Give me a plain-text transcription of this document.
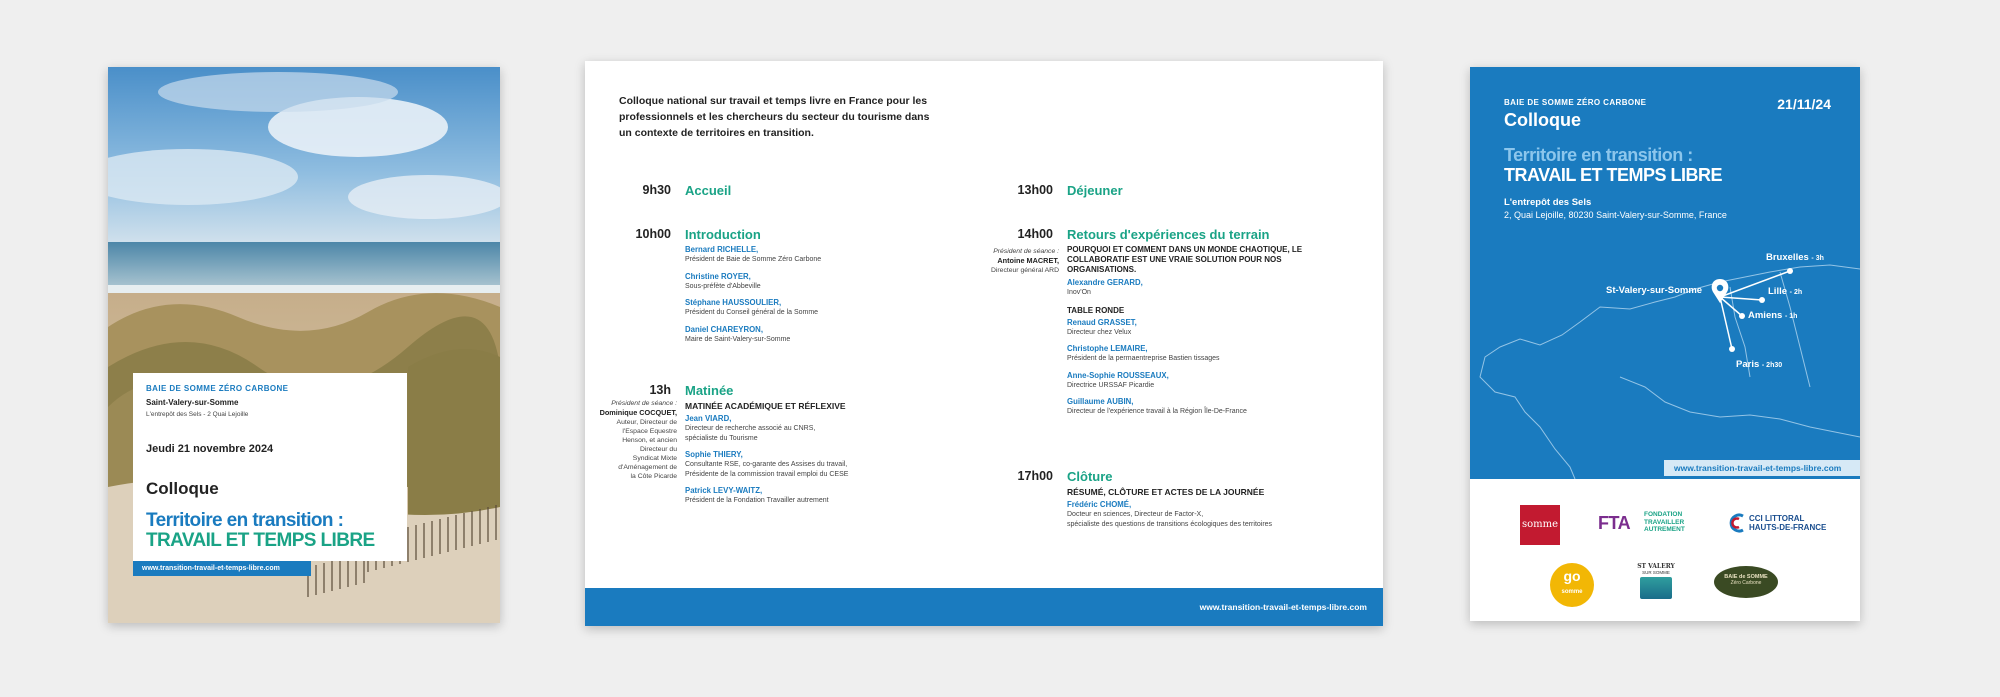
BAIE DE SOMME ZÉRO CARBONE
Saint-Valery-sur-Somme
L'entrepôt des Sels - 2 Quai Lejoille
Jeudi 21 novembre 2024
Colloque
Territoire en transition :
TRAVAIL ET TEMPS LIBRE
www.transition-travail-et-temps-libre.com
Colloque national sur travail et temps livre en France pour les professionnels et les chercheurs du secteur du tourisme dans un contexte de territoires en transition.
9h30 Accueil
10h00 Introduction
Bernard RICHELLE,
Président de Baie de Somme Zéro Carbone
Christine ROYER,
Sous-préfète d'Abbeville
Stéphane HAUSSOULIER,
Président du Conseil général de la Somme
Daniel CHAREYRON,
Maire de Saint-Valery-sur-Somme
13h Matinée
MATINÉE ACADÉMIQUE ET RÉFLEXIVE
Jean VIARD,
Directeur de recherche associé au CNRS,
spécialiste du Tourisme
Sophie THIERY,
Consultante RSE, co-garante des Assises du travail,
Présidente de la commission travail emploi du CESE
Patrick LEVY-WAITZ,
Président de la Fondation Travailler autrement
Président de séance :
Dominique COCQUET,
Auteur, Directeur de l'Espace Equestre Henson, et ancien Directeur du Syndicat Mixte d'Aménagement de la Côte Picarde
13h00 Déjeuner
14h00 Retours d'expériences du terrain
POURQUOI ET COMMENT DANS UN MONDE CHAOTIQUE, LE COLLABORATIF EST UNE VRAIE SOLUTION POUR NOS ORGANISATIONS.
Alexandre GERARD,
Inov'On
TABLE RONDE
Renaud GRASSET,
Directeur chez Velux
Christophe LEMAIRE,
Président de la permaentreprise Bastien tissages
Anne-Sophie ROUSSEAUX,
Directrice URSSAF Picardie
Guillaume AUBIN,
Directeur de l'expérience travail à la Région Île-De-France
Président de séance :
Antoine MACRET,
Directeur général ARD
17h00 Clôture
RÉSUMÉ, CLÔTURE ET ACTES DE LA JOURNÉE
Frédéric CHOMÉ,
Docteur en sciences, Directeur de Factor-X,
spécialiste des questions de transitions écologiques des territoires
www.transition-travail-et-temps-libre.com
BAIE DE SOMME ZÉRO CARBONE	21/11/24
Colloque
Territoire en transition :
TRAVAIL ET TEMPS LIBRE
L'entrepôt des Sels
2, Quai Lejoille, 80230 Saint-Valery-sur-Somme, France
St-Valery-sur-Somme
Bruxelles - 3h
Lille - 2h
Amiens - 1h
Paris - 2h30
www.transition-travail-et-temps-libre.com
somme FTA FONDATION
TRAVAILLER
AUTREMENT
CCI LITTORAL
HAUTS-DE-FRANCE
go
somme
ST VALERY
SUR SOMME
BAIE de SOMME
Zéro Carbone
